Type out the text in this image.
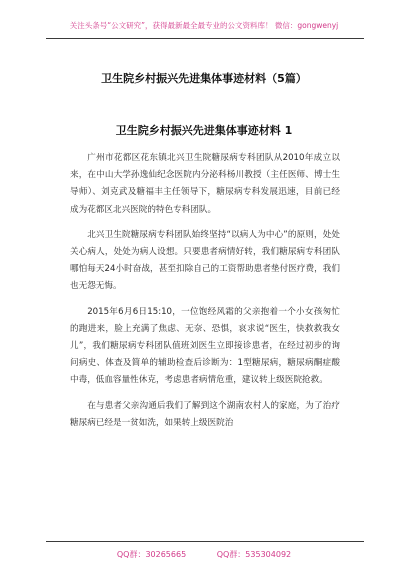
关注头条号“公文研究”，获得最新最全最专业的公文资料库！ 微信：gongwenyj
卫生院乡村振兴先进集体事迹材料（5篇）
卫生院乡村振兴先进集体事迹材料 1

广州市花都区花东镇北兴卫生院糖尿病专科团队从2010年成立以来，在中山大学孙逸仙纪念医院内分泌科杨川教授（主任医师、博士生导师）、刘克武及糖福丰主任领导下，糖尿病专科发展迅速，目前已经成为花都区北兴医院的特色专科团队。

北兴卫生院糖尿病专科团队始终坚持“以病人为中心”的原则，处处关心病人，处处为病人设想。只要患者病情好转，我们糖尿病专科团队哪怕每天24小时奋战，甚至扣除自己的工资帮助患者垫付医疗费，我们也无怨无悔。

2015年6月6日15:10，一位饱经风霜的父亲抱着一个小女孩匆忙的跑进来，脸上充满了焦虑、无奈、恐惧，哀求说“医生，快救救我女儿”，我们糖尿病专科团队值班刘医生立即接诊患者，在经过初步的询问病史、体查及简单的辅助检查后诊断为：1型糖尿病，糖尿病酮症酸中毒，低血容量性休克，考虑患者病情危重，建议转上级医院抢救。

在与患者父亲沟通后我们了解到这个湖南农村人的家庭，为了治疗糖尿病已经是一贫如洗，如果转上级医院治

QQ群：30265665	QQ群：535304092
